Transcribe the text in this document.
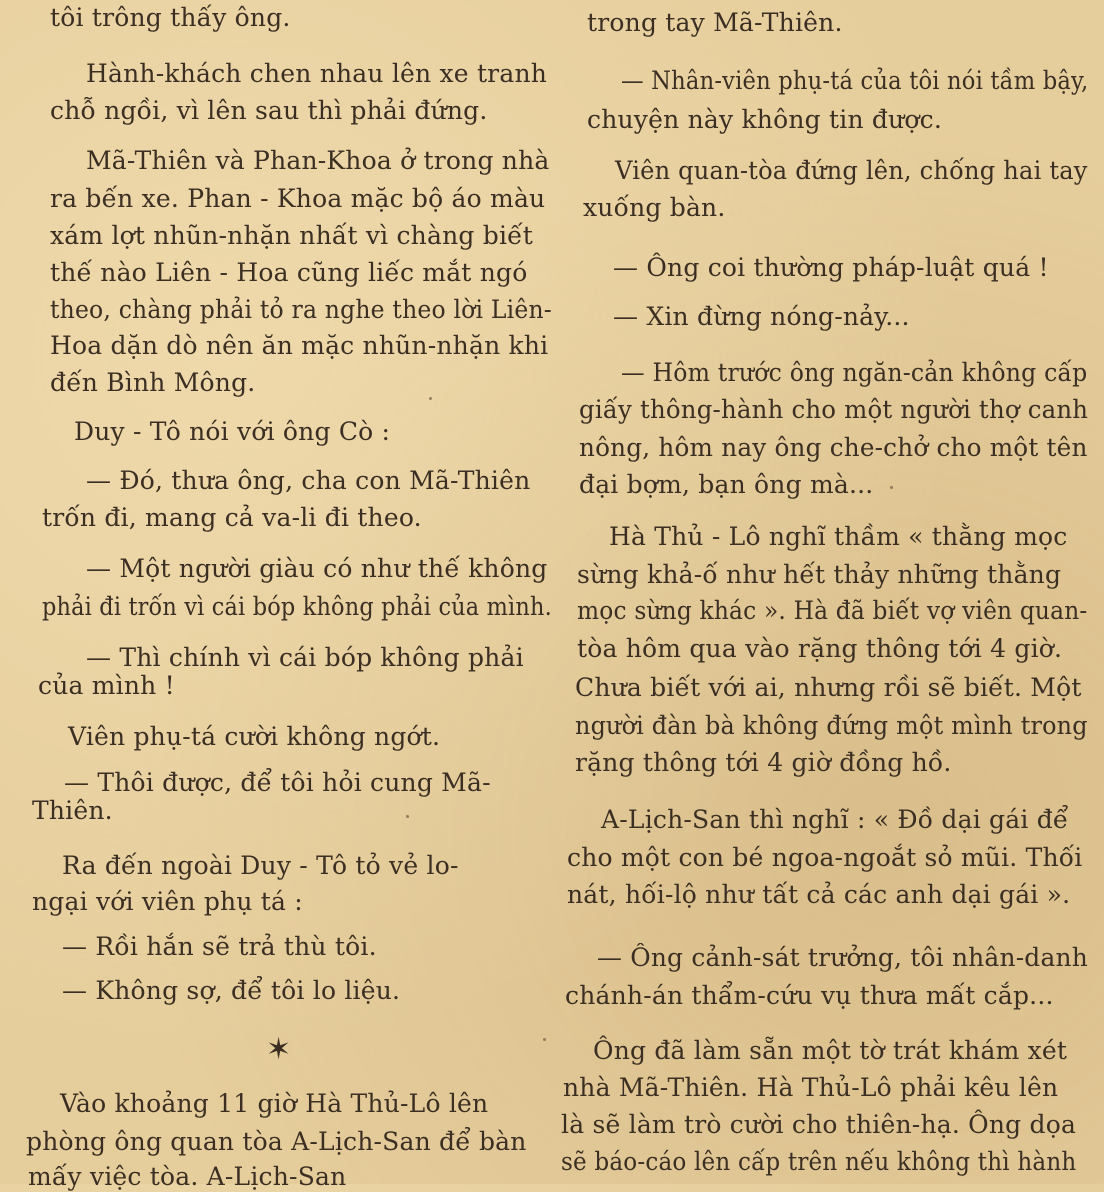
tôi trông thấy ông.
Hành-khách chen nhau lên xe tranh
chỗ ngồi, vì lên sau thì phải đứng.
Mã-Thiên và Phan-Khoa ở trong nhà
ra bến xe. Phan - Khoa mặc bộ áo màu
xám lợt nhũn-nhặn nhất vì chàng biết
thế nào Liên - Hoa cũng liếc mắt ngó
theo, chàng phải tỏ ra nghe theo lời Liên-
Hoa dặn dò nên ăn mặc nhũn-nhặn khi
đến Bình Mông.
Duy - Tô nói với ông Cò :
— Đó, thưa ông, cha con Mã-Thiên
trốn đi, mang cả va-li đi theo.
— Một người giàu có như thế không
phải đi trốn vì cái bóp không phải của mình.
— Thì chính vì cái bóp không phải
của mình !
Viên phụ-tá cười không ngớt.
— Thôi được, để tôi hỏi cung Mã-
Thiên.
Ra đến ngoài Duy - Tô tỏ vẻ lo-
ngại với viên phụ tá :
— Rồi hắn sẽ trả thù tôi.
— Không sợ, để tôi lo liệu.
Vào khoảng 11 giờ Hà Thủ-Lô lên
phòng ông quan tòa A-Lịch-San để bàn
mấy việc tòa. A-Lịch-San
✶
trong tay Mã-Thiên.
— Nhân-viên phụ-tá của tôi nói tầm bậy,
chuyện này không tin được.
Viên quan-tòa đứng lên, chống hai tay
xuống bàn.
— Ông coi thường pháp-luật quá !
— Xin đừng nóng-nảy...
— Hôm trước ông ngăn-cản không cấp
giấy thông-hành cho một người thợ canh
nông, hôm nay ông che-chở cho một tên
đại bợm, bạn ông mà...
Hà Thủ - Lô nghĩ thầm « thằng mọc
sừng khả-ố như hết thảy những thằng
mọc sừng khác ». Hà đã biết vợ viên quan-
tòa hôm qua vào rặng thông tới 4 giờ.
Chưa biết với ai, nhưng rồi sẽ biết. Một
người đàn bà không đứng một mình trong
rặng thông tới 4 giờ đồng hồ.
A-Lịch-San thì nghĩ : « Đồ dại gái để
cho một con bé ngoa-ngoắt sỏ mũi. Thối
nát, hối-lộ như tất cả các anh dại gái ».
— Ông cảnh-sát trưởng, tôi nhân-danh
chánh-án thẩm-cứu vụ thưa mất cắp...
Ông đã làm sẵn một tờ trát khám xét
nhà Mã-Thiên. Hà Thủ-Lô phải kêu lên
là sẽ làm trò cười cho thiên-hạ. Ông dọa
sẽ báo-cáo lên cấp trên nếu không thì hành
